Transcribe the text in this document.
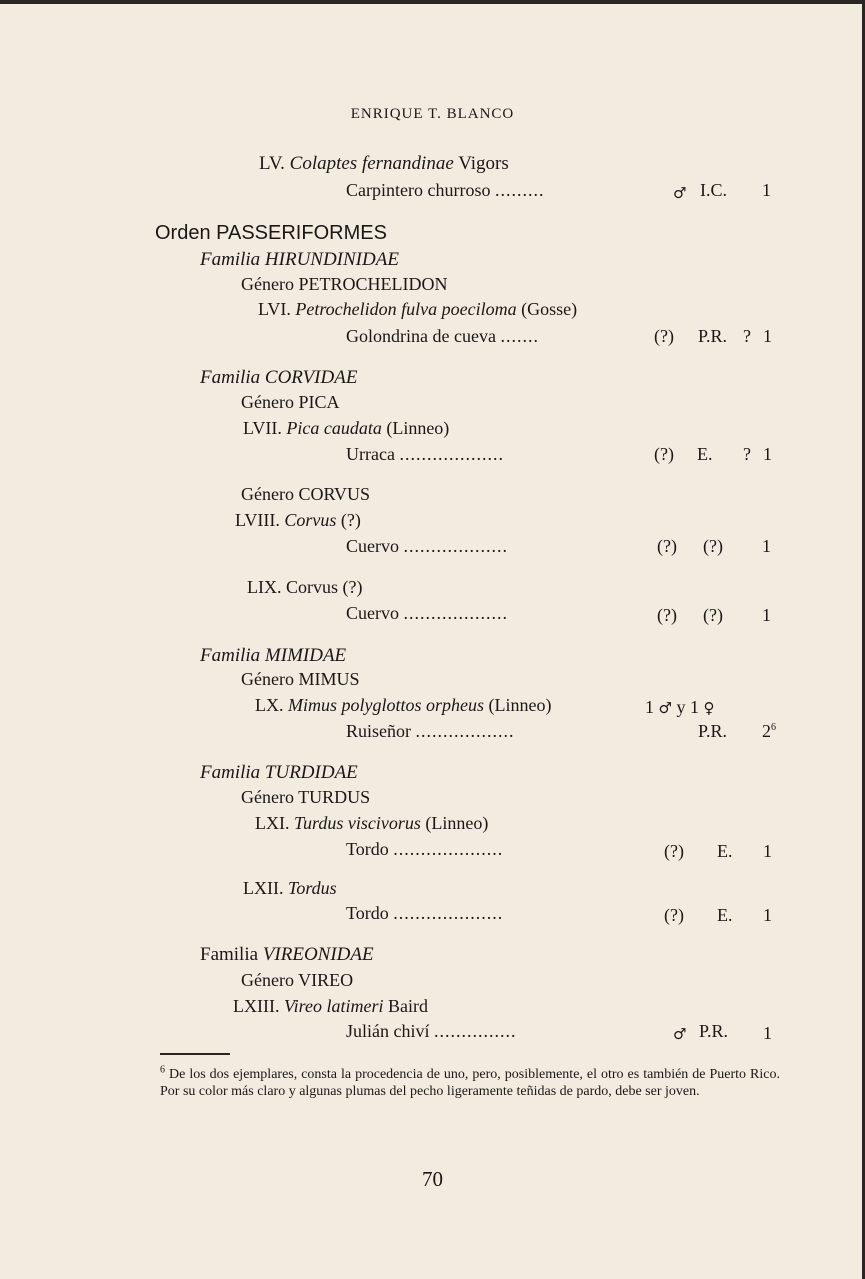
ENRIQUE T. BLANCO
LV. Colaptes fernandinae Vigors
Carpintero churroso .........	♂ I.C. 1
Orden PASSERIFORMES
Familia HIRUNDINIDAE
Género PETROCHELIDON
LVI. Petrochelidon fulva poeciloma (Gosse)
Golondrina de cueva .......	(?) P.R. ? 1
Familia CORVIDAE
Género PICA
LVII. Pica caudata (Linneo)
Urraca ...................	(?) E. ? 1
Género CORVUS
LVIII. Corvus (?)
Cuervo ...................	(?) (?) 1
LIX. Corvus (?)
Cuervo ...................	(?) (?) 1
Familia MIMIDAE
Género MIMUS
LX. Mimus polyglottos orpheus (Linneo)	1 ♂ y 1 ♀
Ruiseñor ..................	P.R. $2^6$
Familia TURDIDAE
Género TURDUS
LXI. Turdus viscivorus (Linneo)
Tordo ....................	(?) E. 1
LXII. Tordus
Tordo ....................	(?) E. 1
Familia VIREONIDAE
Género VIREO
LXIII. Vireo latimeri Baird
Julián chiví ...............	♂ P.R. 1
$^6$ De los dos ejemplares, consta la procedencia de uno, pero, posiblemente, el otro es también de Puerto Rico. Por su color más claro y algunas plumas del pecho ligeramente teñidas de pardo, debe ser joven.
70
